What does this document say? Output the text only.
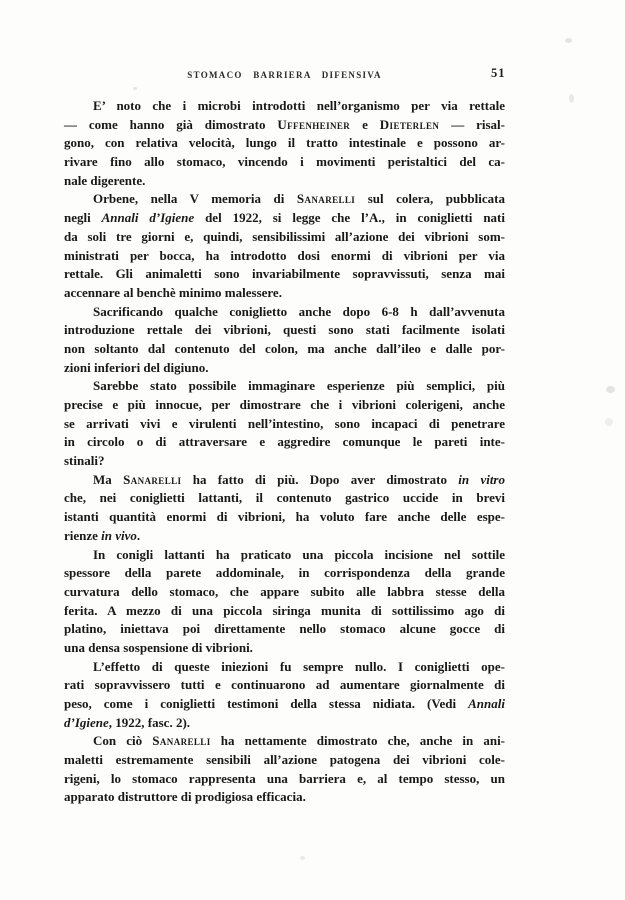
STOMACO BARRIERA DIFENSIVA	51
E’ noto che i microbi introdotti nell’organismo per via rettale
— come hanno già dimostrato Uffenheiner e Dieterlen — risal-
gono, con relativa velocità, lungo il tratto intestinale e possono ar-
rivare fino allo stomaco, vincendo i movimenti peristaltici del ca-
nale digerente.
Orbene, nella V memoria di Sanarelli sul colera, pubblicata
negli Annali d’Igiene del 1922, si legge che l’A., in coniglietti nati
da soli tre giorni e, quindi, sensibilissimi all’azione dei vibrioni som-
ministrati per bocca, ha introdotto dosi enormi di vibrioni per via
rettale. Gli animaletti sono invariabilmente sopravvissuti, senza mai
accennare al benchè minimo malessere.
Sacrificando qualche coniglietto anche dopo 6-8 h dall’avvenuta
introduzione rettale dei vibrioni, questi sono stati facilmente isolati
non soltanto dal contenuto del colon, ma anche dall’ileo e dalle por-
zioni inferiori del digiuno.
Sarebbe stato possibile immaginare esperienze più semplici, più
precise e più innocue, per dimostrare che i vibrioni colerigeni, anche
se arrivati vivi e virulenti nell’intestino, sono incapaci di penetrare
in circolo o di attraversare e aggredire comunque le pareti inte-
stinali?
Ma Sanarelli ha fatto di più. Dopo aver dimostrato in vitro
che, nei coniglietti lattanti, il contenuto gastrico uccide in brevi
istanti quantità enormi di vibrioni, ha voluto fare anche delle espe-
rienze in vivo.
In conigli lattanti ha praticato una piccola incisione nel sottile
spessore della parete addominale, in corrispondenza della grande
curvatura dello stomaco, che appare subito alle labbra stesse della
ferita. A mezzo di una piccola siringa munita di sottilissimo ago di
platino, iniettava poi direttamente nello stomaco alcune gocce di
una densa sospensione di vibrioni.
L’effetto di queste iniezioni fu sempre nullo. I coniglietti ope-
rati sopravvissero tutti e continuarono ad aumentare giornalmente di
peso, come i coniglietti testimoni della stessa nidiata. (Vedi Annali
d’Igiene, 1922, fasc. 2).
Con ciò Sanarelli ha nettamente dimostrato che, anche in ani-
maletti estremamente sensibili all’azione patogena dei vibrioni cole-
rigeni, lo stomaco rappresenta una barriera e, al tempo stesso, un
apparato distruttore di prodigiosa efficacia.
